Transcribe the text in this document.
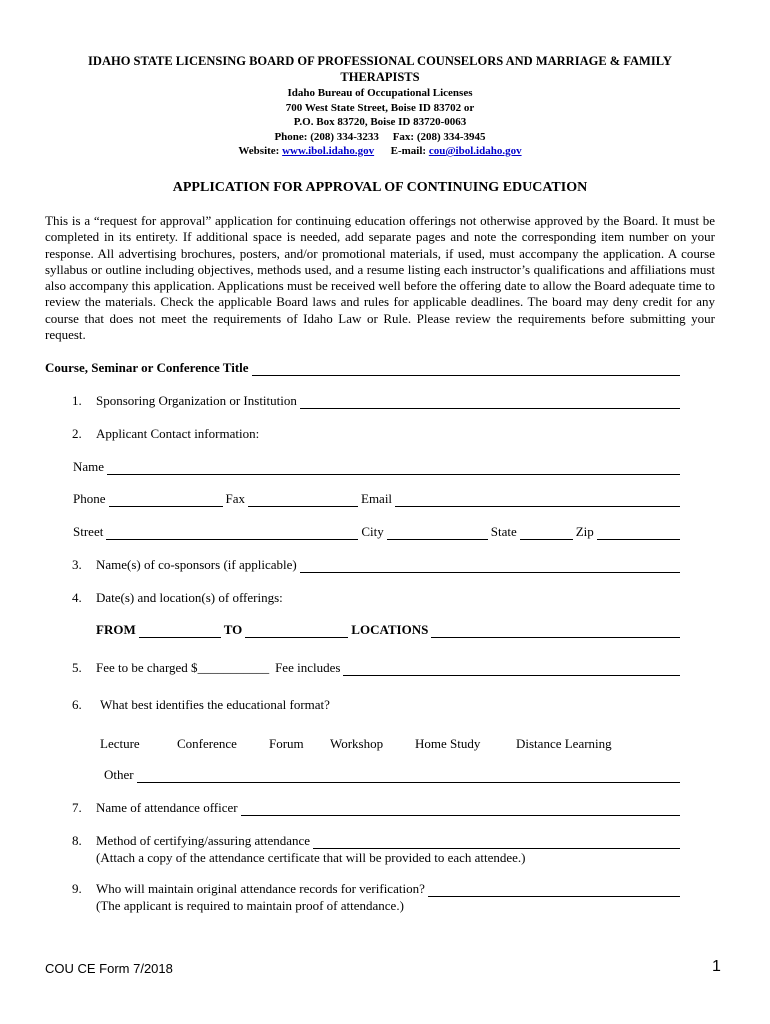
IDAHO STATE LICENSING BOARD OF PROFESSIONAL COUNSELORS AND MARRIAGE & FAMILY
THERAPISTS
Idaho Bureau of Occupational Licenses
700 West State Street, Boise ID 83702 or
P.O. Box 83720, Boise ID 83720-0063
Phone: (208) 334-3233 Fax: (208) 334-3945
Website: www.ibol.idaho.gov E-mail: cou@ibol.idaho.gov
APPLICATION FOR APPROVAL OF CONTINUING EDUCATION
This is a “request for approval” application for continuing education offerings not otherwise approved by the Board. It must be completed in its entirety. If additional space is needed, add separate pages and note the corresponding item number on your response. All advertising brochures, posters, and/or promotional materials, if used, must accompany the application. A course syllabus or outline including objectives, methods used, and a resume listing each instructor’s qualifications and affiliations must also accompany this application. Applications must be received well before the offering date to allow the Board adequate time to review the materials. Check the applicable Board laws and rules for applicable deadlines. The board may deny credit for any course that does not meet the requirements of Idaho Law or Rule. Please review the requirements before submitting your request.
Course, Seminar or Conference Title
1.	Sponsoring Organization or Institution
2.	Applicant Contact information:
Name
Phone	Fax	Email
Street	City	State	Zip
3.	Name(s) of co-sponsors (if applicable)
4.	Date(s) and location(s) of offerings:
FROM	TO	LOCATIONS
5.	Fee to be charged $ ___________ Fee includes
6.	What best identifies the educational format?
Lecture	Conference Forum Workshop Home Study	Distance Learning
Other
7.	Name of attendance officer
8.	Method of certifying/assuring attendance
(Attach a copy of the attendance certificate that will be provided to each attendee.)
9.	Who will maintain original attendance records for verification?
(The applicant is required to maintain proof of attendance.)
COU CE Form 7/2018	1
